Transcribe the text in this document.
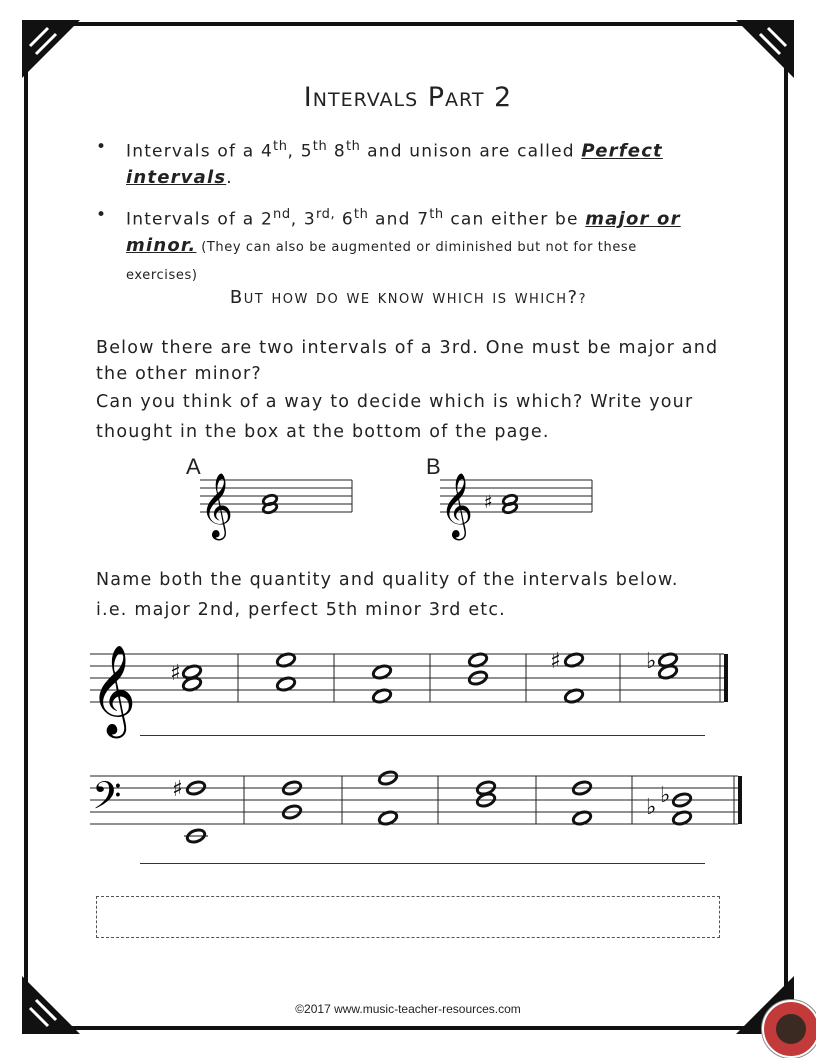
Intervals Part 2
• Intervals of a 4th, 5th 8th and unison are called Perfect intervals.
• Intervals of a 2nd, $3^{rd,}$ 6th and 7th can either be major or minor. (They can also be augmented or diminished but not for these exercises)
But how do we know which is which??
Below there are two intervals of a 3rd. One must be major and the other minor?
Can you think of a way to decide which is which? Write your thought in the box at the bottom of the page.
A	B
𝄞	𝄞 ♯
Name both the quantity and quality of the intervals below.
i.e. major 2nd, perfect 5th minor 3rd etc.
𝄞 ♯	♯	♭
𝄢 ♯
♭ ♭
©2017 www.music-teacher-resources.com
